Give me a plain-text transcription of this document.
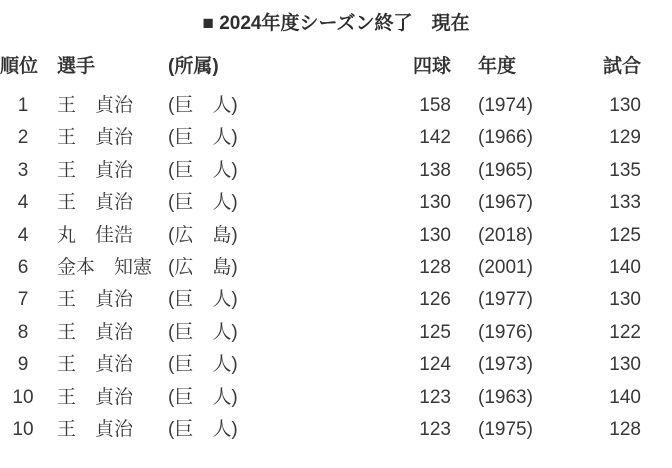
■ 2024年度シーズン終了　現在
順位 選手	(所属)	四球	年度	試合
1	王　貞治	(巨　人)	158	(1974)	130
2	王　貞治	(巨　人)	142	(1966)	129
3	王　貞治	(巨　人)	138	(1965)	135
4	王　貞治	(巨　人)	130	(1967)	133
4	丸　佳浩	(広　島)	130	(2018)	125
6	金本　知憲 (広　島)	128	(2001)	140
7	王　貞治	(巨　人)	126	(1977)	130
8	王　貞治	(巨　人)	125	(1976)	122
9	王　貞治	(巨　人)	124	(1973)	130
10	王　貞治	(巨　人)	123	(1963)	140
10	王　貞治	(巨　人)	123	(1975)	128
